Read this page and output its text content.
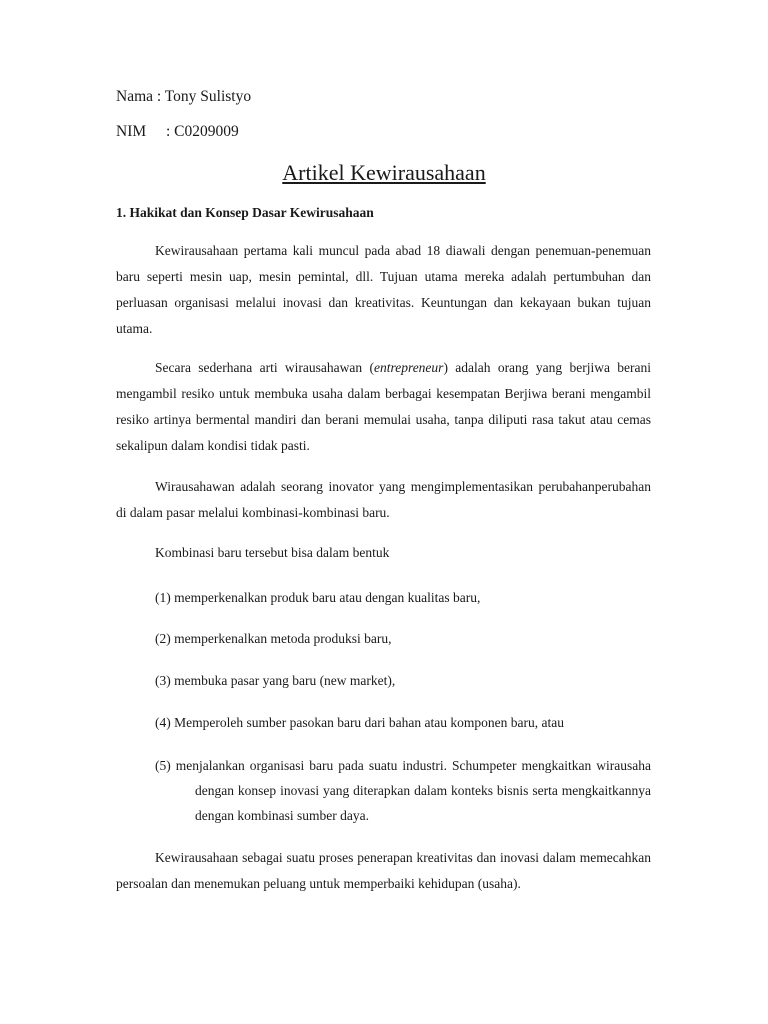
Nama : Tony Sulistyo
NIM : C0209009
Artikel Kewirausahaan
1. Hakikat dan Konsep Dasar Kewirusahaan
Kewirausahaan pertama kali muncul pada abad 18 diawali dengan penemuan-penemuan baru seperti mesin uap, mesin pemintal, dll. Tujuan utama mereka adalah pertumbuhan dan perluasan organisasi melalui inovasi dan kreativitas. Keuntungan dan kekayaan bukan tujuan utama.
Secara sederhana arti wirausahawan (entrepreneur) adalah orang yang berjiwa berani mengambil resiko untuk membuka usaha dalam berbagai kesempatan Berjiwa berani mengambil resiko artinya bermental mandiri dan berani memulai usaha, tanpa diliputi rasa takut atau cemas sekalipun dalam kondisi tidak pasti.
Wirausahawan adalah seorang inovator yang mengimplementasikan perubahanperubahan di dalam pasar melalui kombinasi-kombinasi baru.
Kombinasi baru tersebut bisa dalam bentuk
(1) memperkenalkan produk baru atau dengan kualitas baru,
(2) memperkenalkan metoda produksi baru,
(3) membuka pasar yang baru (new market),
(4) Memperoleh sumber pasokan baru dari bahan atau komponen baru, atau
(5) menjalankan organisasi baru pada suatu industri. Schumpeter mengkaitkan wirausaha dengan konsep inovasi yang diterapkan dalam konteks bisnis serta mengkaitkannya dengan kombinasi sumber daya.
Kewirausahaan sebagai suatu proses penerapan kreativitas dan inovasi dalam memecahkan persoalan dan menemukan peluang untuk memperbaiki kehidupan (usaha).
